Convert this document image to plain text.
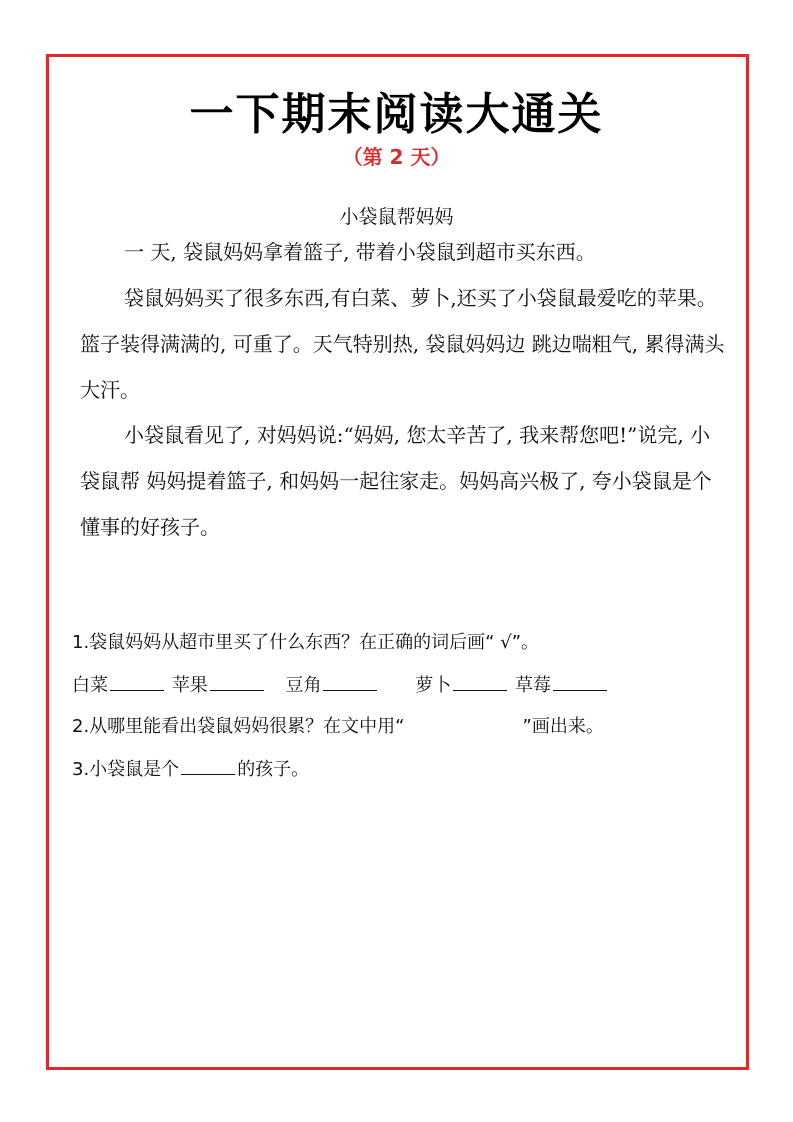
一下期末阅读大通关
（第 2 天）
小袋鼠帮妈妈

一 天, 袋鼠妈妈拿着篮子, 带着小袋鼠到超市买东西。

袋鼠妈妈买了很多东西,有白菜、萝卜,还买了小袋鼠最爱吃的苹果。篮子装得满满的, 可重了。天气特别热, 袋鼠妈妈边 跳边喘粗气, 累得满头大汗。

小袋鼠看见了, 对妈妈说:“妈妈, 您太辛苦了, 我来帮您吧!”说完, 小袋鼠帮 妈妈提着篮子, 和妈妈一起往家走。妈妈高兴极了, 夸小袋鼠是个懂事的好孩子。

1.袋鼠妈妈从超市里买了什么东西？在正确的词后画“ √”。

白菜	苹果	豆角	萝卜	草莓

2.从哪里能看出袋鼠妈妈很累？在文中用“	”画出来。

3.小袋鼠是个	的孩子。
